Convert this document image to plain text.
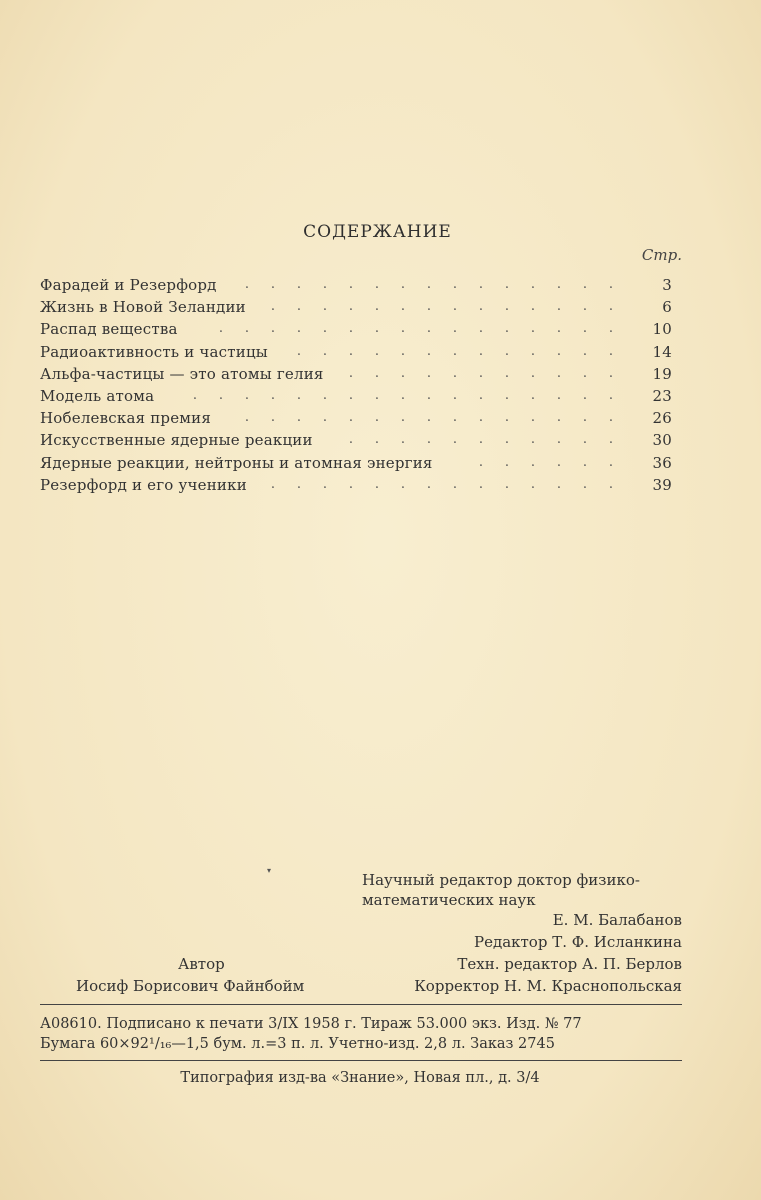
СОДЕРЖАНИЕ
Стр.
Фарадей и Резерфорд	3
. . . . . . . . . . . . . . .
Жизнь в Новой Зеландии	6
. . . . . . . . . . . . . .
Распад вещества	10
. . . . . . . . . . . . . . . .
Радиоактивность и частицы	14
. . . . . . . . . . . . .
Альфа-частицы — это атомы гелия	19
. . . . . . . . . . .
Модель атома	23
. . . . . . . . . . . . . . . . .
Нобелевская премия	26
. . . . . . . . . . . . . . .
Искусственные ядерные реакции	30
. . . . . . . . . . .
Ядерные реакции, нейтроны и атомная энергия	36
. . . . . .
Резерфорд и его ученики	39
. . . . . . . . . . . . . .
Научный редактор доктор физико-
математических наук
Е. М. Балабанов
Редактор Т. Ф. Исланкина
Техн. редактор А. П. Берлов
Корректор Н. М. Краснопольская
Автор
Иосиф Борисович Файнбойм
▾
А08610. Подписано к печати 3/IX 1958 г. Тираж 53.000 экз. Изд. № 77
Бумага 60×92¹/₁₆—1,5 бум. л.=3 п. л. Учетно-изд. 2,8 л. Заказ 2745
Типография изд-ва «Знание», Новая пл., д. 3/4
